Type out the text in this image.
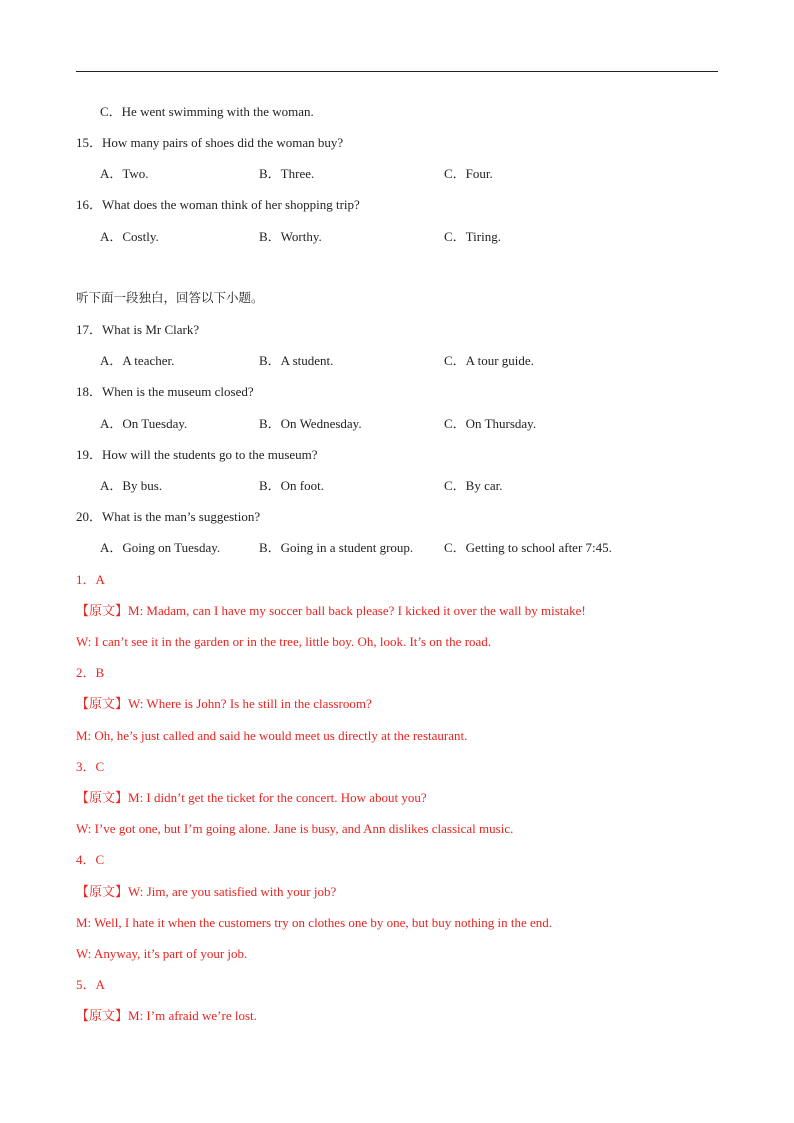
C．He went swimming with the woman.
15．How many pairs of shoes did the woman buy?
A．Two.	B．Three.	C．Four.
16．What does the woman think of her shopping trip?
A．Costly.	B．Worthy.	C．Tiring.
听下面一段独白，回答以下小题。
17．What is Mr Clark?
A．A teacher.	B．A student.	C．A tour guide.
18．When is the museum closed?
A．On Tuesday.	B．On Wednesday.	C．On Thursday.
19．How will the students go to the museum?
A．By bus.	B．On foot.	C．By car.
20．What is the man’s suggestion?
A．Going on Tuesday.	B．Going in a student group. C．Getting to school after 7:45.
1．A
【原文】M: Madam, can I have my soccer ball back please? I kicked it over the wall by mistake!
W: I can’t see it in the garden or in the tree, little boy. Oh, look. It’s on the road.
2．B
【原文】W: Where is John? Is he still in the classroom?
M: Oh, he’s just called and said he would meet us directly at the restaurant.
3．C
【原文】M: I didn’t get the ticket for the concert. How about you?
W: I’ve got one, but I’m going alone. Jane is busy, and Ann dislikes classical music.
4．C
【原文】W: Jim, are you satisfied with your job?
M: Well, I hate it when the customers try on clothes one by one, but buy nothing in the end.
W: Anyway, it’s part of your job.
5．A
【原文】M: I’m afraid we’re lost.
